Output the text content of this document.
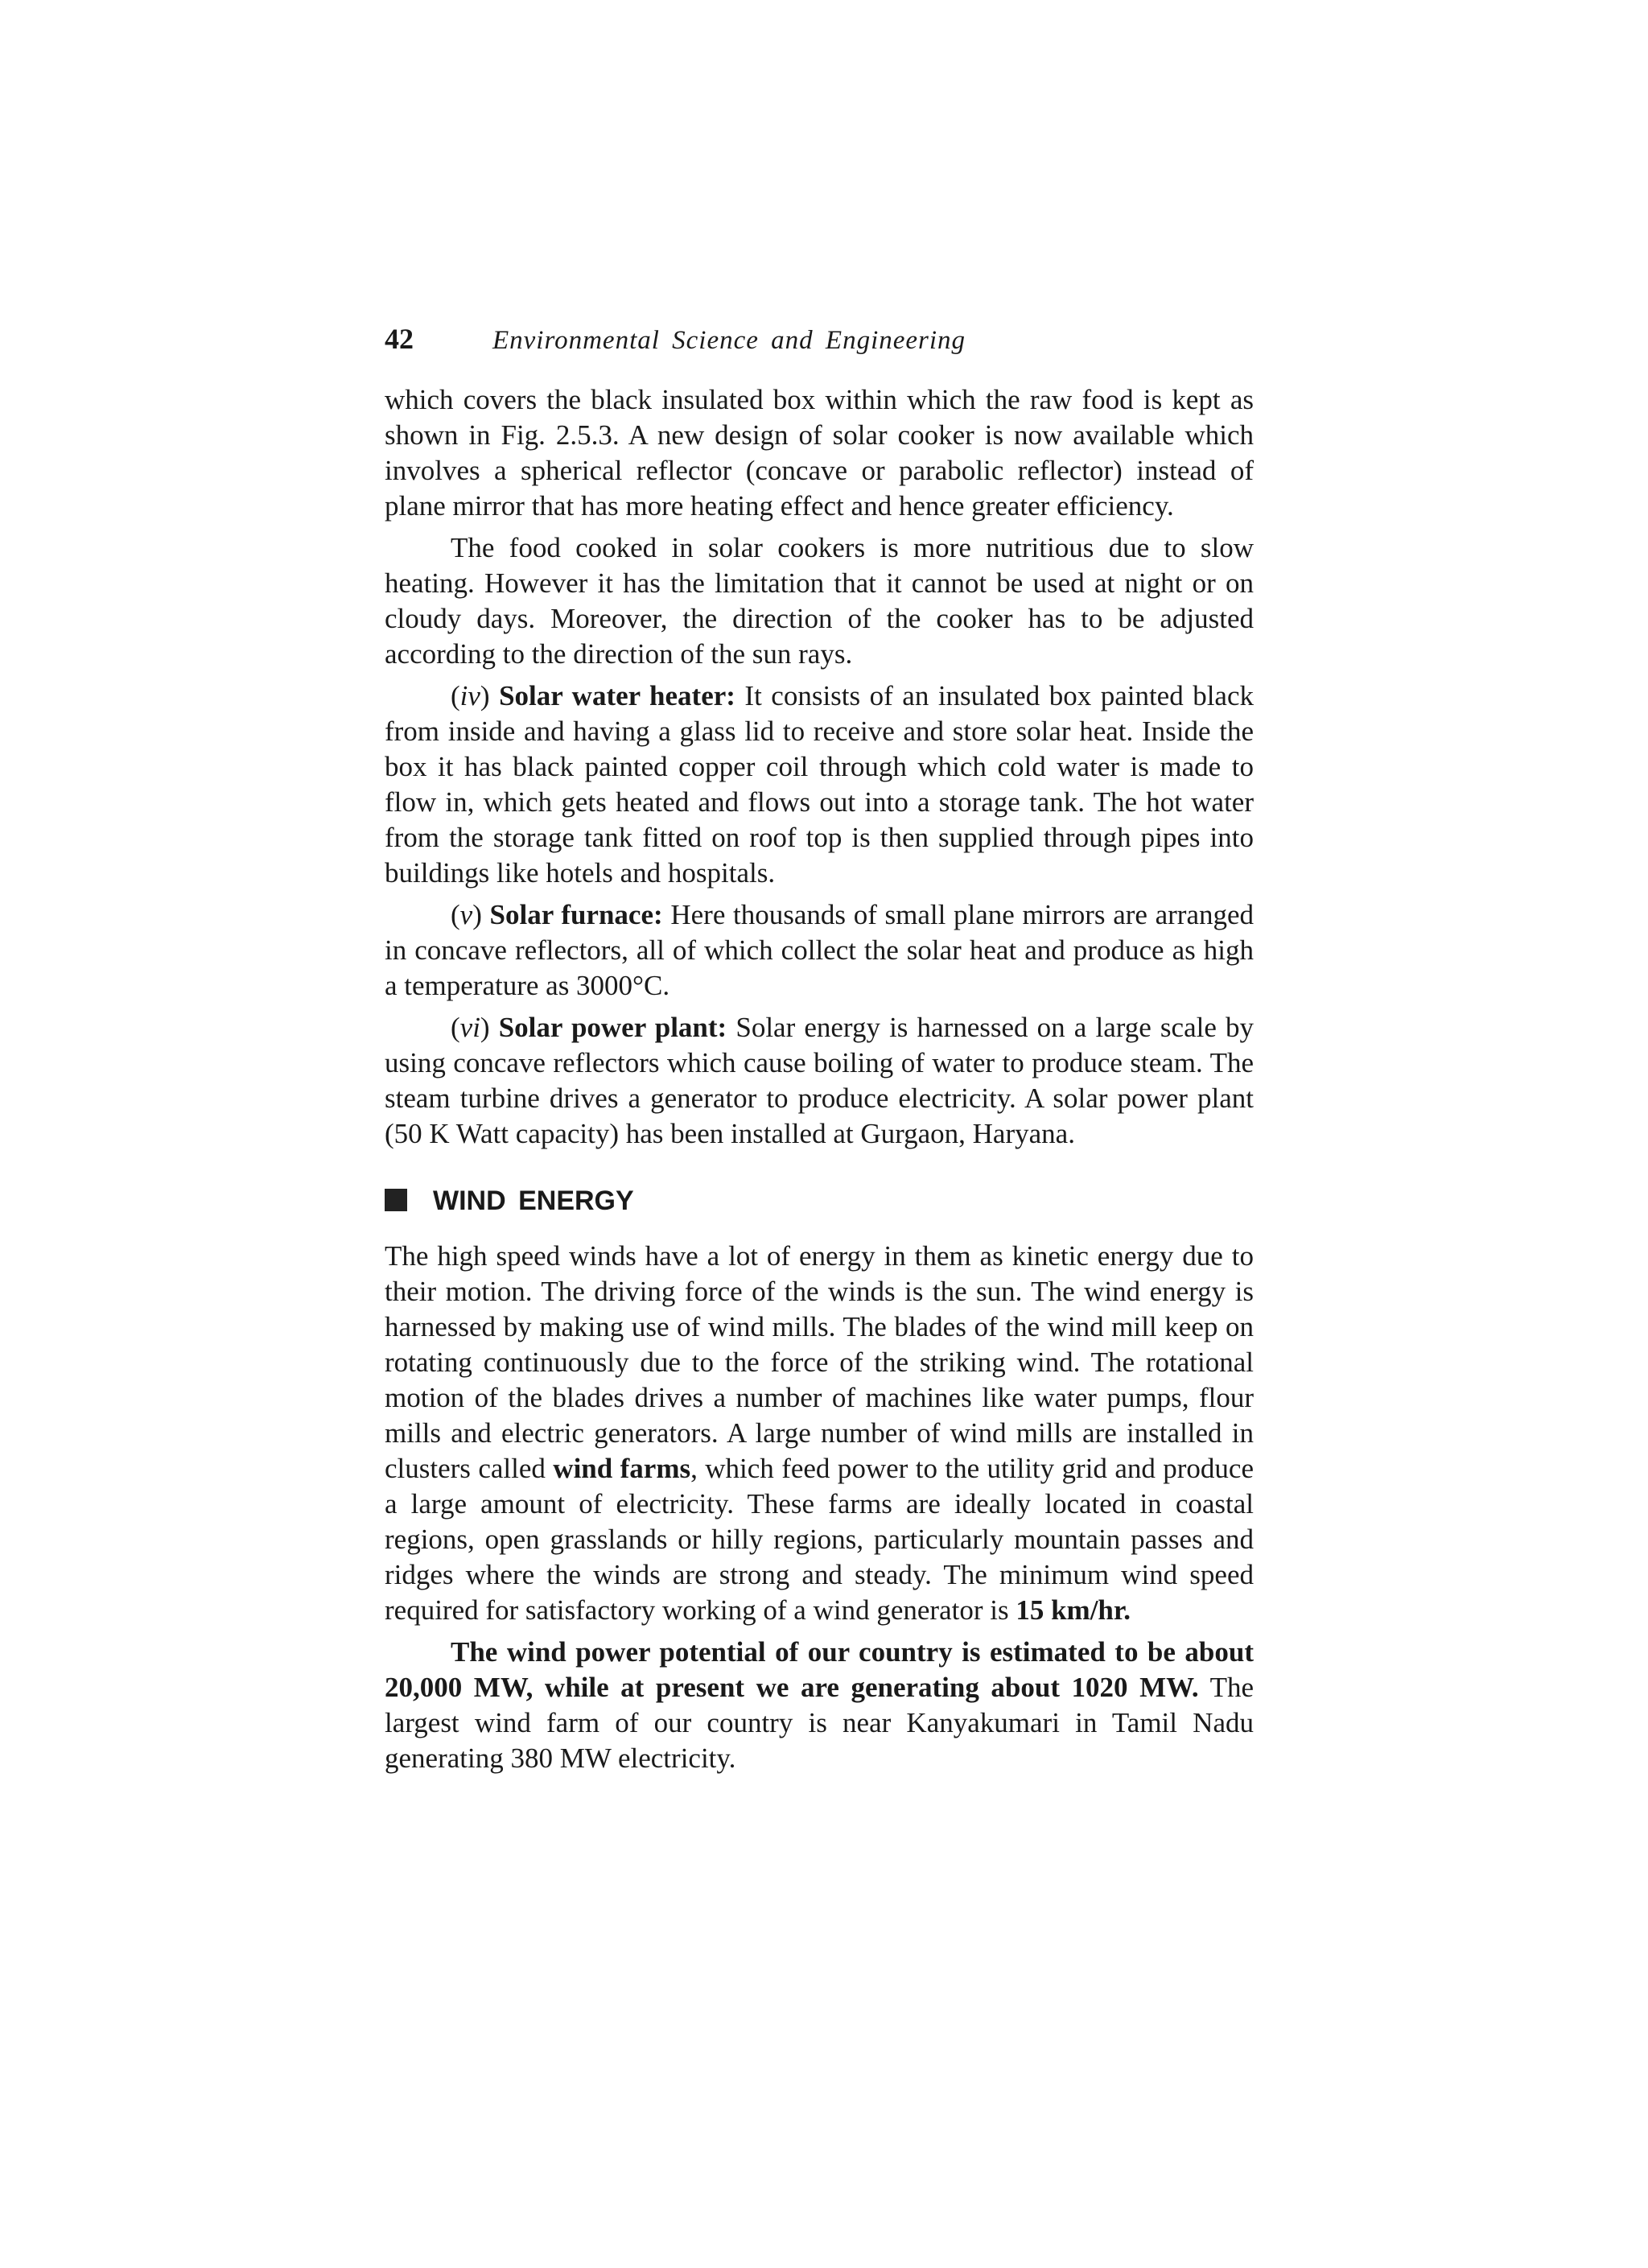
42	Environmental Science and Engineering

which covers the black insulated box within which the raw food is kept as shown in Fig. 2.5.3. A new design of solar cooker is now available which involves a spherical reflector (concave or parabolic reflector) instead of plane mirror that has more heating effect and hence greater efficiency.

The food cooked in solar cookers is more nutritious due to slow heating. However it has the limitation that it cannot be used at night or on cloudy days. Moreover, the direction of the cooker has to be adjusted according to the direction of the sun rays.

(iv) Solar water heater: It consists of an insulated box painted black from inside and having a glass lid to receive and store solar heat. Inside the box it has black painted copper coil through which cold water is made to flow in, which gets heated and flows out into a storage tank. The hot water from the storage tank fitted on roof top is then supplied through pipes into buildings like hotels and hospitals.

(v) Solar furnace: Here thousands of small plane mirrors are arranged in concave reflectors, all of which collect the solar heat and produce as high a temperature as 3000°C.

(vi) Solar power plant: Solar energy is harnessed on a large scale by using concave reflectors which cause boiling of water to produce steam. The steam turbine drives a generator to produce electricity. A solar power plant (50 K Watt capacity) has been installed at Gurgaon, Haryana.

WIND ENERGY

The high speed winds have a lot of energy in them as kinetic energy due to their motion. The driving force of the winds is the sun. The wind energy is harnessed by making use of wind mills. The blades of the wind mill keep on rotating continuously due to the force of the striking wind. The rotational motion of the blades drives a number of machines like water pumps, flour mills and electric generators. A large number of wind mills are installed in clusters called wind farms, which feed power to the utility grid and produce a large amount of electricity. These farms are ideally located in coastal regions, open grasslands or hilly regions, particularly mountain passes and ridges where the winds are strong and steady. The minimum wind speed required for satisfactory working of a wind generator is 15 km/hr.

The wind power potential of our country is estimated to be about 20,000 MW, while at present we are generating about 1020 MW. The largest wind farm of our country is near Kanyakumari in Tamil Nadu generating 380 MW electricity.
